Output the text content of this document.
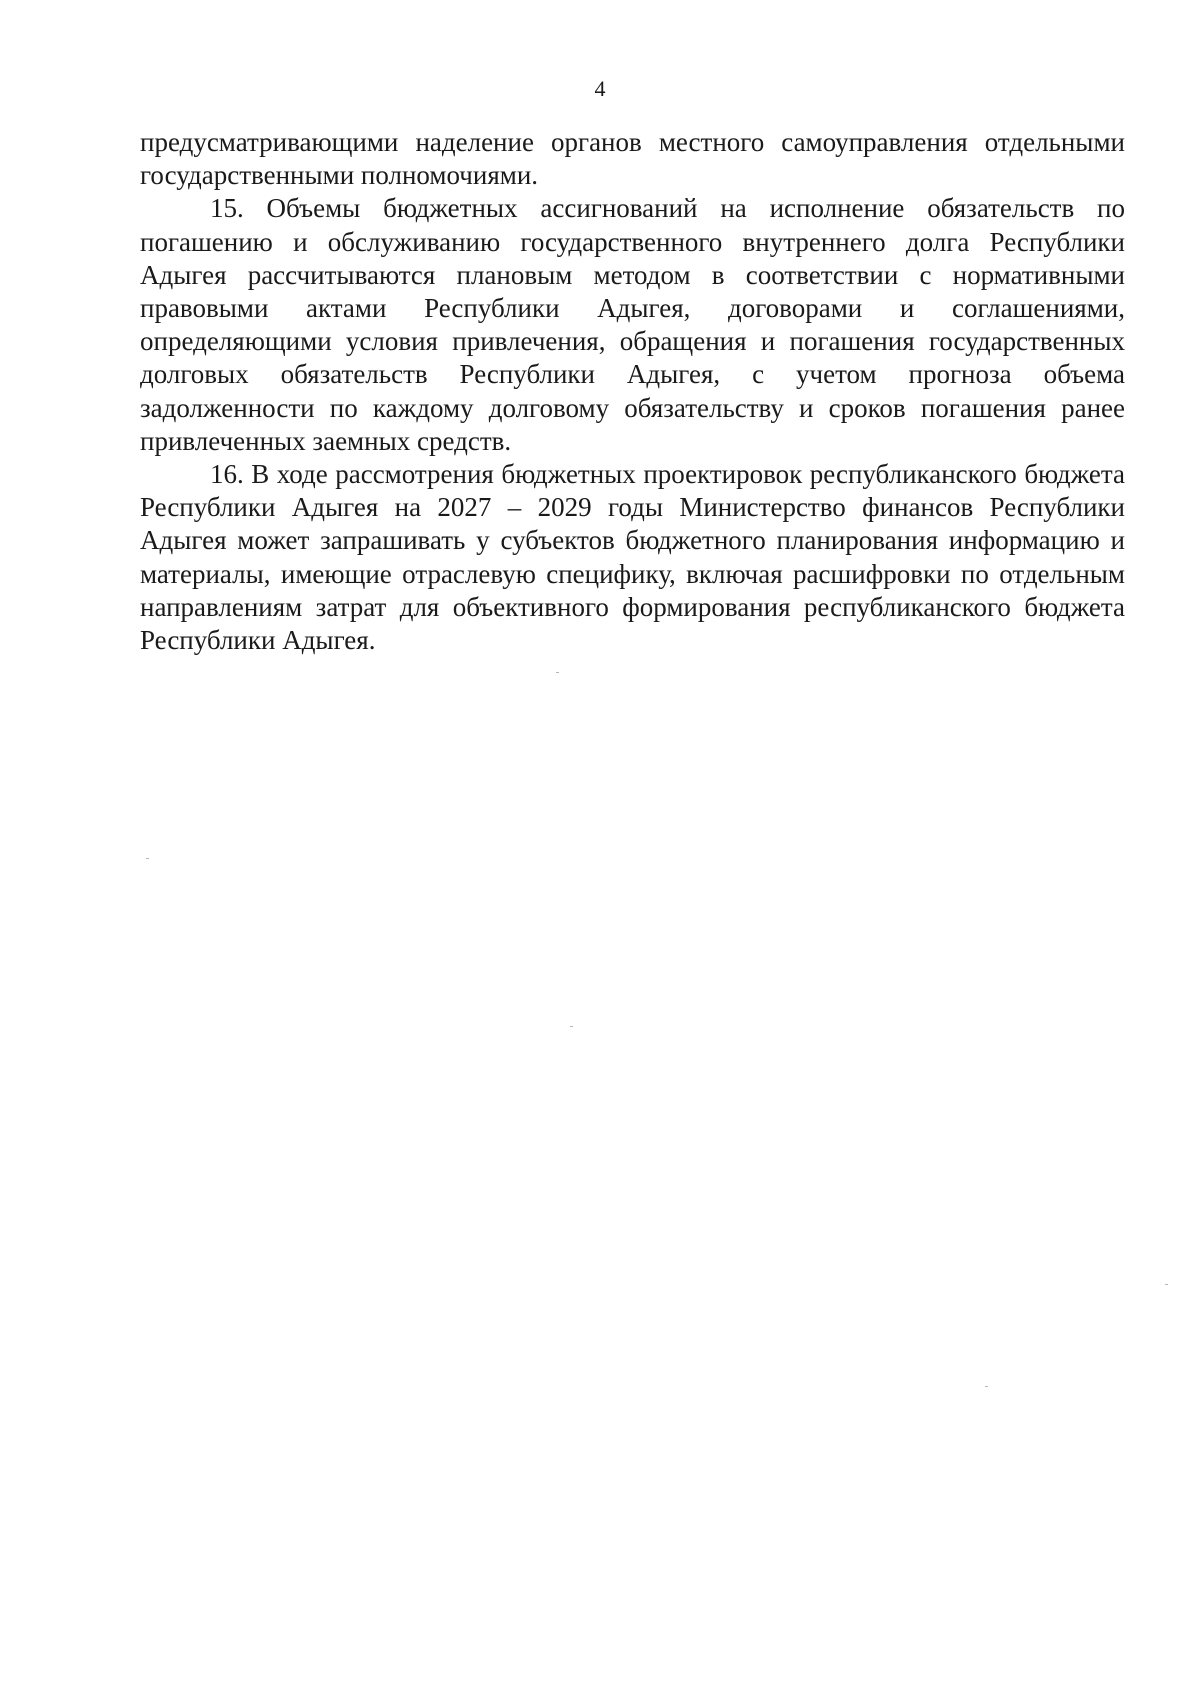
4

предусматривающими наделение органов местного самоуправления отдельными государственными полномочиями.

15. Объемы бюджетных ассигнований на исполнение обязательств по погашению и обслуживанию государственного внутреннего долга Республики Адыгея рассчитываются плановым методом в соответствии с нормативными правовыми актами Республики Адыгея, договорами и соглашениями, определяющими условия привлечения, обращения и погашения государственных долговых обязательств Республики Адыгея, с учетом прогноза объема задолженности по каждому долговому обязательству и сроков погашения ранее привлеченных заемных средств.

16. В ходе рассмотрения бюджетных проектировок республиканского бюджета Республики Адыгея на 2027 – 2029 годы Министерство финансов Республики Адыгея может запрашивать у субъектов бюджетного планирования информацию и материалы, имеющие отраслевую специфику, включая расшифровки по отдельным направлениям затрат для объективного формирования республиканского бюджета Республики Адыгея.
